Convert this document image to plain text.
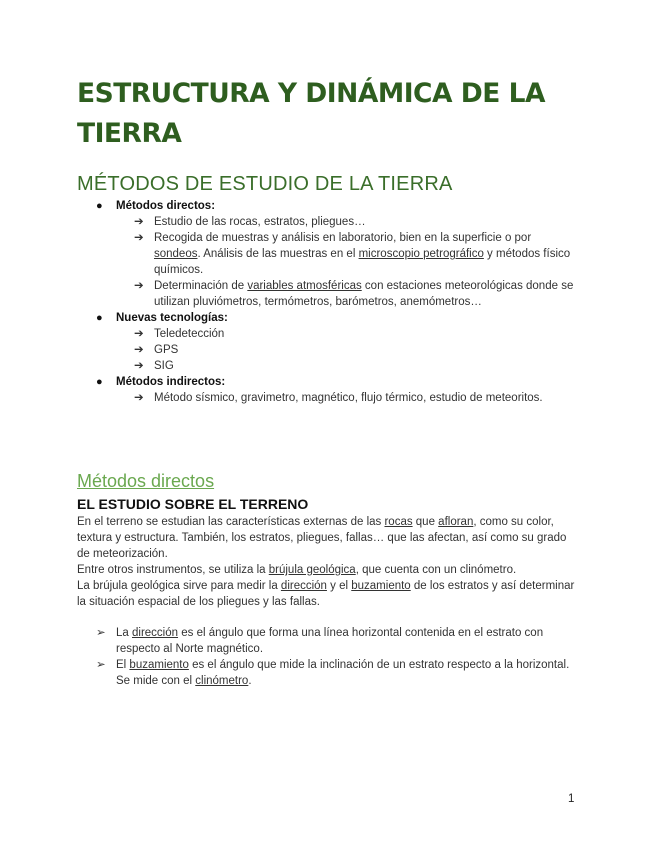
ESTRUCTURA Y DINÁMICA DE LA TIERRA
MÉTODOS DE ESTUDIO DE LA TIERRA
● Métodos directos:
➔ Estudio de las rocas, estratos, pliegues…
➔ Recogida de muestras y análisis en laboratorio, bien en la superficie o por sondeos. Análisis de las muestras en el microscopio petrográfico y métodos físico químicos.
➔ Determinación de variables atmosféricas con estaciones meteorológicas donde se utilizan pluviómetros, termómetros, barómetros, anemómetros…
● Nuevas tecnologías:
➔ Teledetección
➔ GPS
➔ SIG
● Métodos indirectos:
➔ Método sísmico, gravimetro, magnético, flujo térmico, estudio de meteoritos.
Métodos directos
EL ESTUDIO SOBRE EL TERRENO

En el terreno se estudian las características externas de las rocas que afloran, como su color, textura y estructura. También, los estratos, pliegues, fallas… que las afectan, así como su grado de meteorización.

Entre otros instrumentos, se utiliza la brújula geológica, que cuenta con un clinómetro.

La brújula geológica sirve para medir la dirección y el buzamiento de los estratos y así determinar la situación espacial de los pliegues y las fallas.

➢ La dirección es el ángulo que forma una línea horizontal contenida en el estrato con respecto al Norte magnético.
➢ El buzamiento es el ángulo que mide la inclinación de un estrato respecto a la horizontal. Se mide con el clinómetro.
1
